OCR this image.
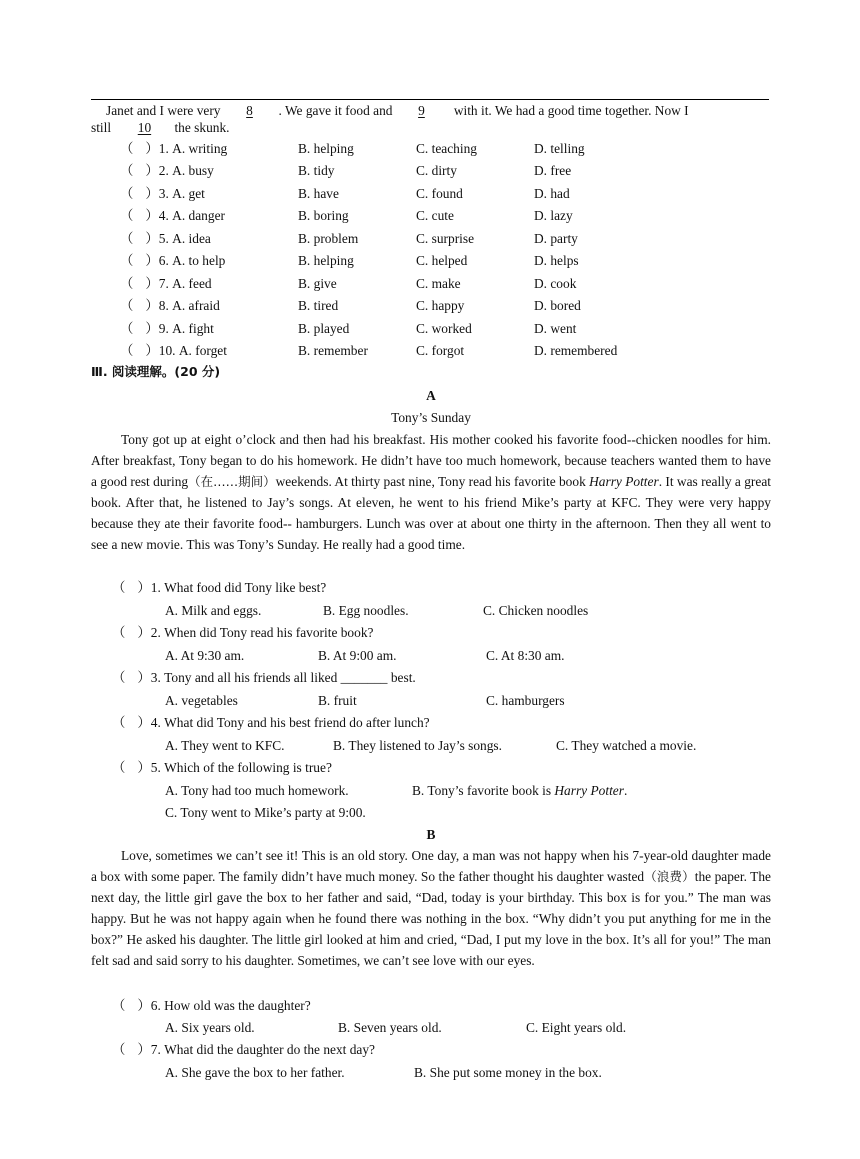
Janet and I were very 8 . We gave it food and 9 with it. We had a good time together. Now I
still 10 the skunk.
（ ）1. A. writing	B. helping	C. teaching	D. telling
（ ）2. A. busy	B. tidy	C. dirty	D. free
（ ）3. A. get	B. have	C. found	D. had
（ ）4. A. danger	B. boring	C. cute	D. lazy
（ ）5. A. idea	B. problem	C. surprise	D. party
（ ）6. A. to help	B. helping	C. helped	D. helps
（ ）7. A. feed	B. give	C. make	D. cook
（ ）8. A. afraid	B. tired	C. happy	D. bored
（ ）9. A. fight	B. played	C. worked	D. went
（ ）10. A. forget	B. remember	C. forgot	D. remembered
Ⅲ. 阅读理解。(20 分)
A
Tony’s Sunday
Tony got up at eight o’clock and then had his breakfast. His mother cooked his favorite food--chicken noodles for him. After breakfast, Tony began to do his homework. He didn’t have too much homework, because teachers wanted them to have a good rest during（在……期间）weekends. At thirty past nine, Tony read his favorite book Harry Potter. It was really a great book. After that, he listened to Jay’s songs. At eleven, he went to his friend Mike’s party at KFC. They were very happy because they ate their favorite food-- hamburgers. Lunch was over at about one thirty in the afternoon. Then they all went to see a new movie. This was Tony’s Sunday. He really had a good time.
（ ）1. What food did Tony like best?
A. Milk and eggs.	B. Egg noodles.	C. Chicken noodles
（ ）2. When did Tony read his favorite book?
A. At 9:30 am.	B. At 9:00 am.	C. At 8:30 am.
（ ）3. Tony and all his friends all liked _______ best.
A. vegetables	B. fruit	C. hamburgers
（ ）4. What did Tony and his best friend do after lunch?
A. They went to KFC.	B. They listened to Jay’s songs.	C. They watched a movie.
（ ）5. Which of the following is true?
A. Tony had too much homework.	B. Tony’s favorite book is Harry Potter.
C. Tony went to Mike’s party at 9:00.
B
Love, sometimes we can’t see it! This is an old story. One day, a man was not happy when his 7-year-old daughter made a box with some paper. The family didn’t have much money. So the father thought his daughter wasted（浪费）the paper. The next day, the little girl gave the box to her father and said, “Dad, today is your birthday. This box is for you.” The man was happy. But he was not happy again when he found there was nothing in the box. “Why didn’t you put anything for me in the box?” He asked his daughter. The little girl looked at him and cried, “Dad, I put my love in the box. It’s all for you!” The man felt sad and said sorry to his daughter. Sometimes, we can’t see love with our eyes.
（ ）6. How old was the daughter?
A. Six years old.	B. Seven years old.	C. Eight years old.
（ ）7. What did the daughter do the next day?
A. She gave the box to her father.	B. She put some money in the box.
